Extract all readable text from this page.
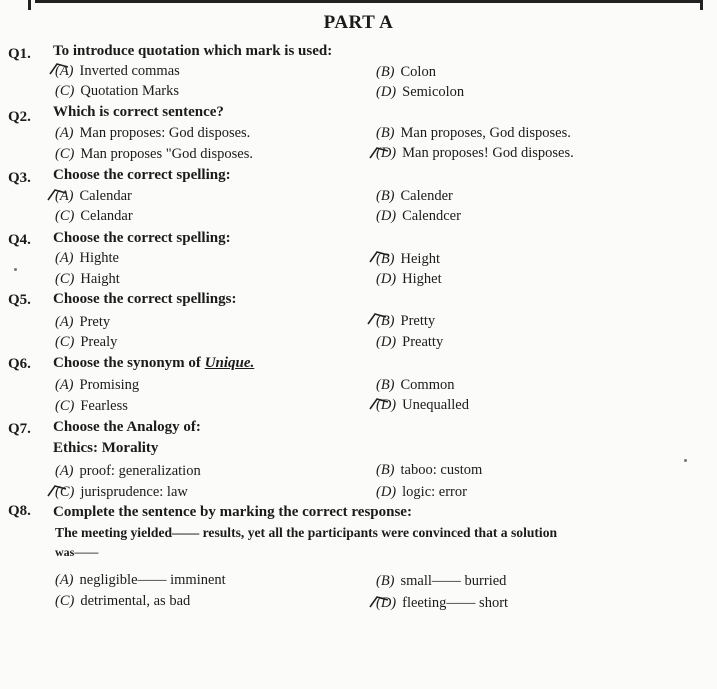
PART A
Q1. To introduce quotation which mark is used:
(A) Inverted commas	(B) Colon
(C) Quotation Marks	(D) Semicolon
Q2. Which is correct sentence?
(A) Man proposes: God disposes.	(B) Man proposes, God disposes.
(C) Man proposes "God disposes.	(D) Man proposes! God disposes.
Q3. Choose the correct spelling:
(A) Calendar	(B) Calender
(C) Celandar	(D) Calendcer
Q4. Choose the correct spelling:
(A) Highte	(B) Height
(C) Haight	(D) Highet
Q5. Choose the correct spellings:
(A) Prety	(B) Pretty
(C) Prealy	(D) Preatty
Q6. Choose the synonym of Unique.
(A) Promising	(B) Common
(C) Fearless	(D) Unequalled
Q7. Choose the Analogy of:
Ethics: Morality
(A) proof: generalization	(B) taboo: custom
(C) jurisprudence: law	(D) logic: error
Q8. Complete the sentence by marking the correct response:
The meeting yielded—— results, yet all the participants were convinced that a solution
was——
(A) negligible—— imminent	(B) small—— burried
(C) detrimental, as bad	(D) fleeting—— short
